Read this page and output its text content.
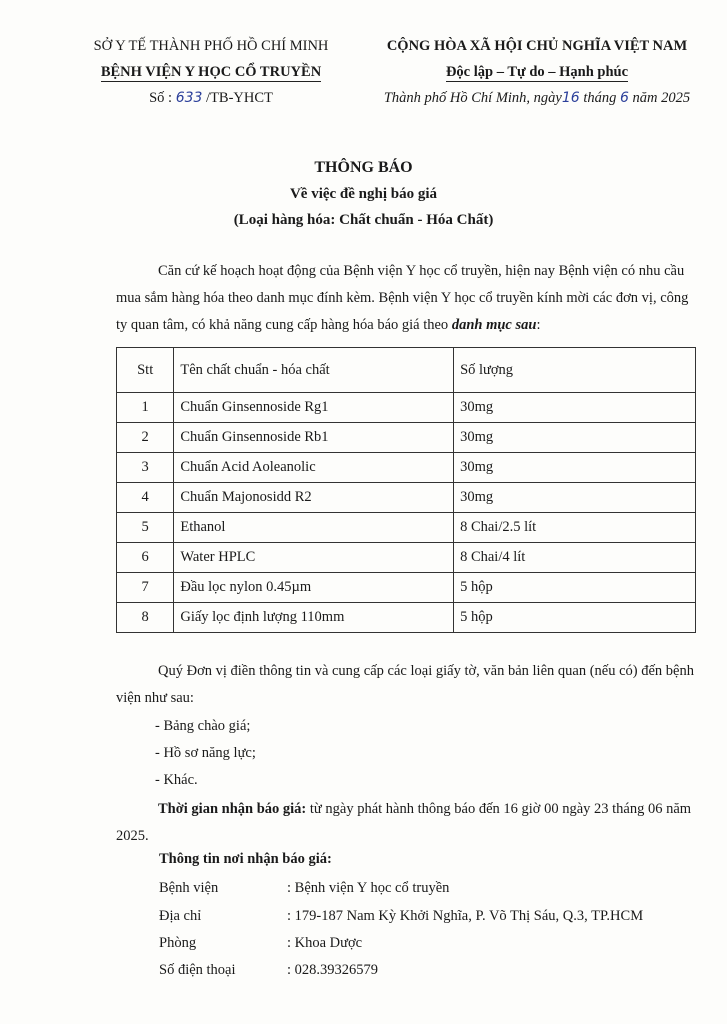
SỞ Y TẾ THÀNH PHỐ HỒ CHÍ MINH
BỆNH VIỆN Y HỌC CỔ TRUYỀN
Số : 633 /TB-YHCT
CỘNG HÒA XÃ HỘI CHỦ NGHĨA VIỆT NAM
Độc lập – Tự do – Hạnh phúc
Thành phố Hồ Chí Minh, ngày16 tháng 6 năm 2025
THÔNG BÁO
Về việc đề nghị báo giá
(Loại hàng hóa: Chất chuẩn - Hóa Chất)
Căn cứ kế hoạch hoạt động của Bệnh viện Y học cổ truyền, hiện nay Bệnh viện có nhu cầu mua sắm hàng hóa theo danh mục đính kèm. Bệnh viện Y học cổ truyền kính mời các đơn vị, công ty quan tâm, có khả năng cung cấp hàng hóa báo giá theo danh mục sau:
Stt	Tên chất chuẩn - hóa chất	Số lượng
1	Chuẩn Ginsennoside Rg1	30mg
2	Chuẩn Ginsennoside Rb1	30mg
3	Chuẩn Acid Aoleanolic	30mg
4	Chuẩn Majonosidd R2	30mg
5	Ethanol	8 Chai/2.5 lít
6	Water HPLC	8 Chai/4 lít
7	Đầu lọc nylon 0.45µm	5 hộp
8	Giấy lọc định lượng 110mm	5 hộp
Quý Đơn vị điền thông tin và cung cấp các loại giấy tờ, văn bản liên quan (nếu có) đến bệnh viện như sau:
- Bảng chào giá;
- Hồ sơ năng lực;
- Khác.
Thời gian nhận báo giá: từ ngày phát hành thông báo đến 16 giờ 00 ngày 23 tháng 06 năm 2025.
Thông tin nơi nhận báo giá:
Bệnh viện	: Bệnh viện Y học cổ truyền
Địa chỉ	: 179-187 Nam Kỳ Khởi Nghĩa, P. Võ Thị Sáu, Q.3, TP.HCM
Phòng	: Khoa Dược
Số điện thoại	: 028.39326579
